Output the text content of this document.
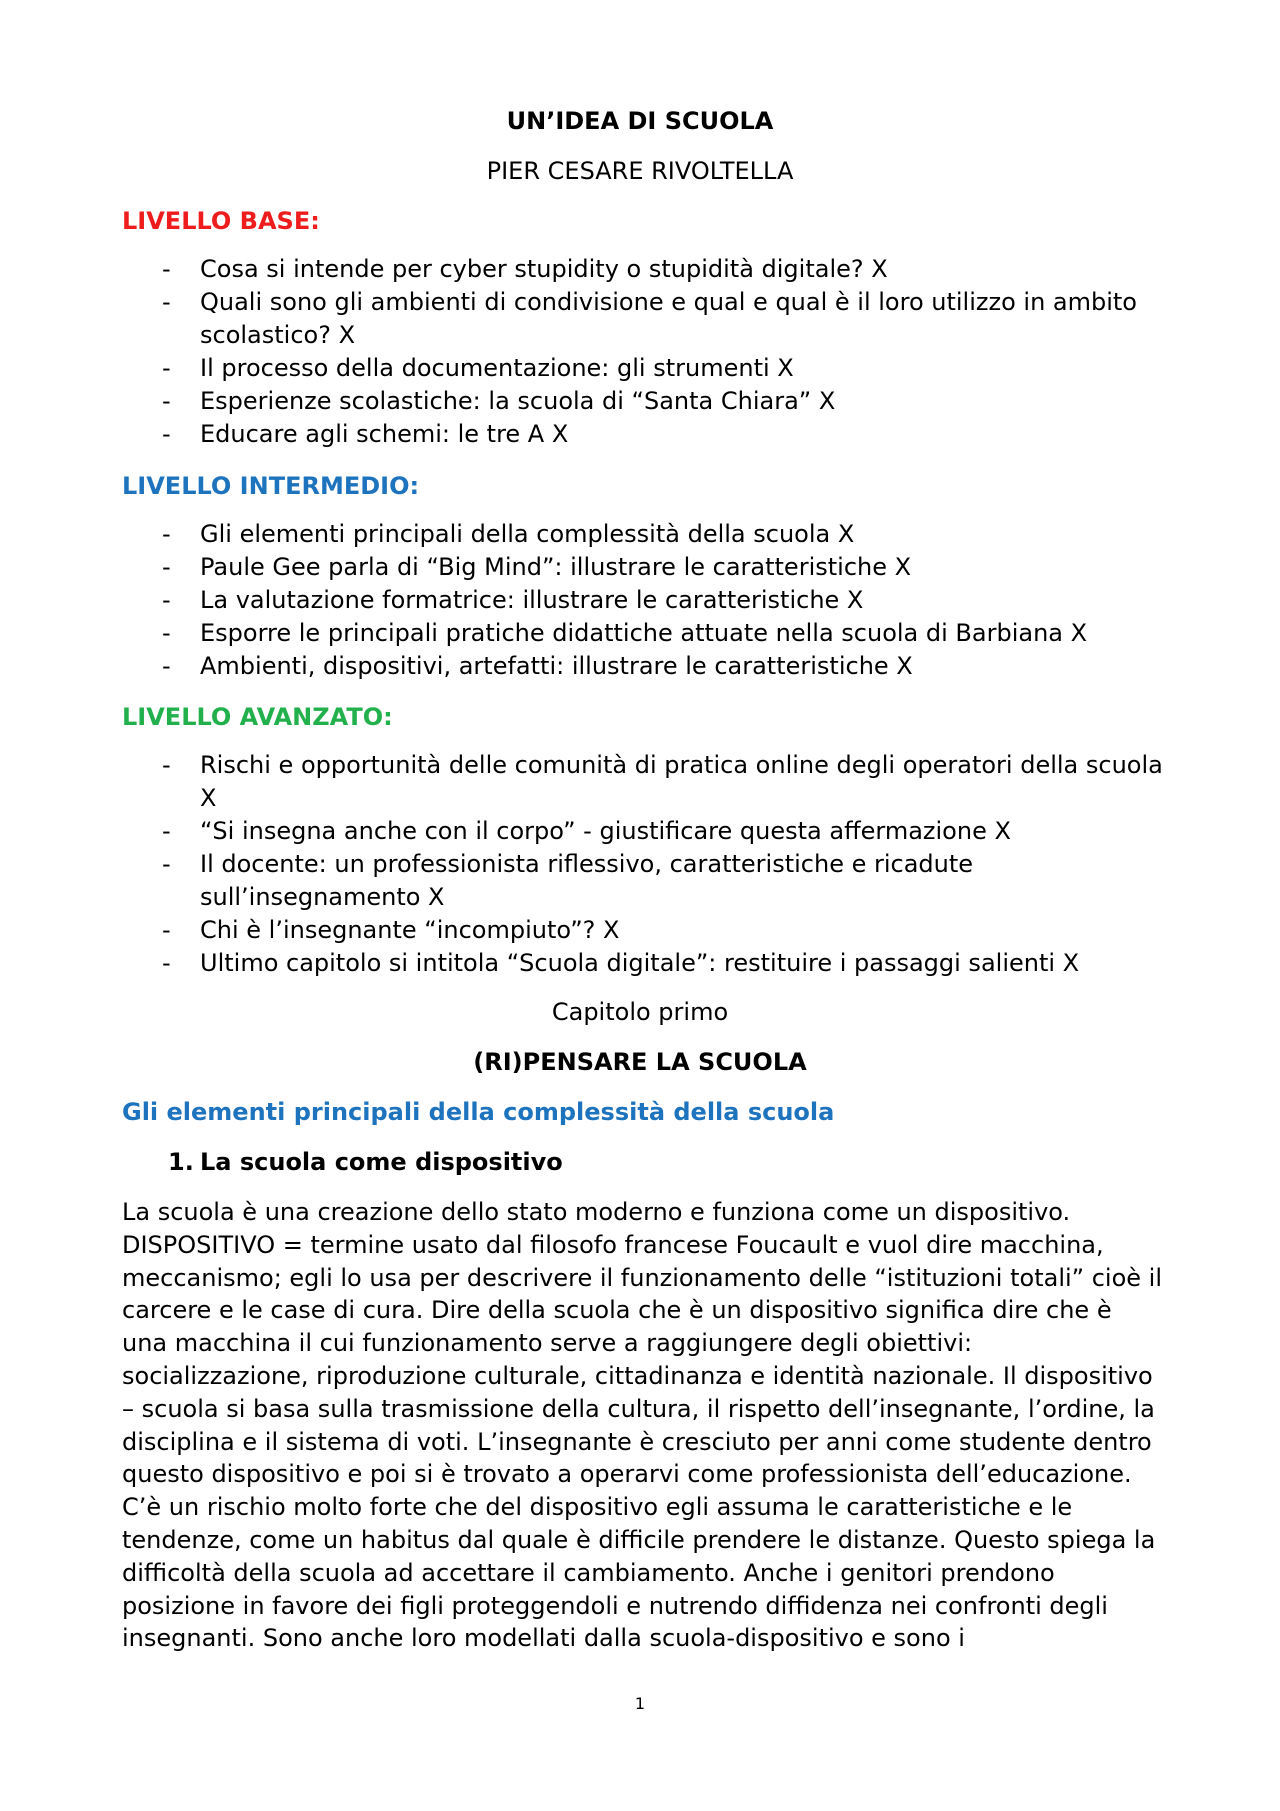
UN’IDEA DI SCUOLA
PIER CESARE RIVOLTELLA
LIVELLO BASE:
- Cosa si intende per cyber stupidity o stupidità digitale? X
- Quali sono gli ambienti di condivisione e qual e qual è il loro utilizzo in ambito scolastico? X
- Il processo della documentazione: gli strumenti X
- Esperienze scolastiche: la scuola di “Santa Chiara” X
- Educare agli schemi: le tre A X
LIVELLO INTERMEDIO:
- Gli elementi principali della complessità della scuola X
- Paule Gee parla di “Big Mind”: illustrare le caratteristiche X
- La valutazione formatrice: illustrare le caratteristiche X
- Esporre le principali pratiche didattiche attuate nella scuola di Barbiana X
- Ambienti, dispositivi, artefatti: illustrare le caratteristiche X
LIVELLO AVANZATO:
- Rischi e opportunità delle comunità di pratica online degli operatori della scuola X
- “Si insegna anche con il corpo” - giustificare questa affermazione X
- Il docente: un professionista riflessivo, caratteristiche e ricadute sull’insegnamento X
- Chi è l’insegnante “incompiuto”? X
- Ultimo capitolo si intitola “Scuola digitale”: restituire i passaggi salienti X
Capitolo primo
(RI)PENSARE LA SCUOLA
Gli elementi principali della complessità della scuola
1. La scuola come dispositivo

La scuola è una creazione dello stato moderno e funziona come un dispositivo. DISPOSITIVO = termine usato dal filosofo francese Foucault e vuol dire macchina, meccanismo; egli lo usa per descrivere il funzionamento delle “istituzioni totali” cioè il carcere e le case di cura. Dire della scuola che è un dispositivo significa dire che è una macchina il cui funzionamento serve a raggiungere degli obiettivi: socializzazione, riproduzione culturale, cittadinanza e identità nazionale. Il dispositivo – scuola si basa sulla trasmissione della cultura, il rispetto dell’insegnante, l’ordine, la disciplina e il sistema di voti. L’insegnante è cresciuto per anni come studente dentro questo dispositivo e poi si è trovato a operarvi come professionista dell’educazione. C’è un rischio molto forte che del dispositivo egli assuma le caratteristiche e le tendenze, come un habitus dal quale è difficile prendere le distanze. Questo spiega la difficoltà della scuola ad accettare il cambiamento. Anche i genitori prendono posizione in favore dei figli proteggendoli e nutrendo diffidenza nei confronti degli insegnanti. Sono anche loro modellati dalla scuola-dispositivo e sono i

1
